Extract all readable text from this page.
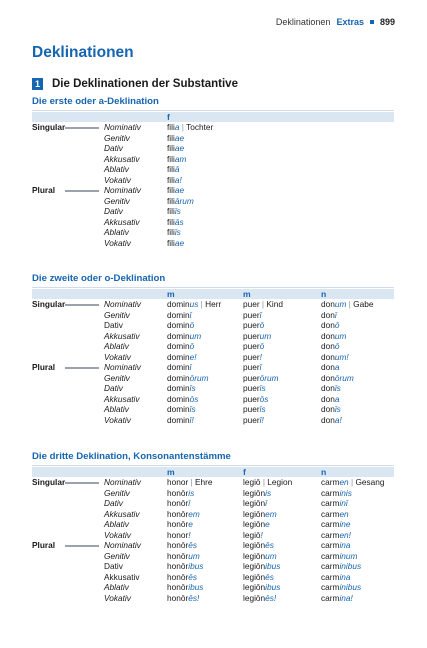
Deklinationen Extras 899
Deklinationen
1 Die Deklinationen der Substantive
Die erste oder a-Deklination
f
Singular	Nominativ	filia | Tochter
Genitiv	filiae
Dativ	filiae
Akkusativ	filiam
Ablativ	filiā
Vokativ	filia!
Plural	Nominativ	filiae
Genitiv	filiārum
Dativ	filiīs
Akkusativ	filiās
Ablativ	filiīs
Vokativ	filiae
Die zweite oder o-Deklination
m	m	n
Singular	Nominativ	dominus | Herr	puer | Kind	donum | Gabe
Genitiv	dominī	puerī	donī
Dativ	dominō	puerō	donō
Akkusativ	dominum	puerum	donum
Ablativ	dominō	puerō	donō
Vokativ	domine!	puer!	donum!
Plural	Nominativ	dominī	puerī	dona
Genitiv	dominōrum	puerōrum	donōrum
Dativ	dominīs	puerīs	donīs
Akkusativ	dominōs	puerōs	dona
Ablativ	dominīs	puerīs	donīs
Vokativ	dominī!	puerī!	dona!
Die dritte Deklination, Konsonantenstämme
m	f	n
Singular	Nominativ	honor | Ehre	legiō | Legion	carmen | Gesang
Genitiv	honōris	legiōnis	carminis
Dativ	honōrī	legiōnī	carminī
Akkusativ	honōrem	legiōnem	carmen
Ablativ	honōre	legiōne	carmine
Vokativ	honor!	legiō!	carmen!
Plural	Nominativ	honōrēs	legiōnēs	carmina
Genitiv	honōrum	legiōnum	carminum
Dativ	honōribus	legiōnibus	carminibus
Akkusativ	honōrēs	legiōnēs	carmina
Ablativ	honōribus	legiōnibus	carminibus
Vokativ	honōrēs!	legiōnēs!	carmina!
